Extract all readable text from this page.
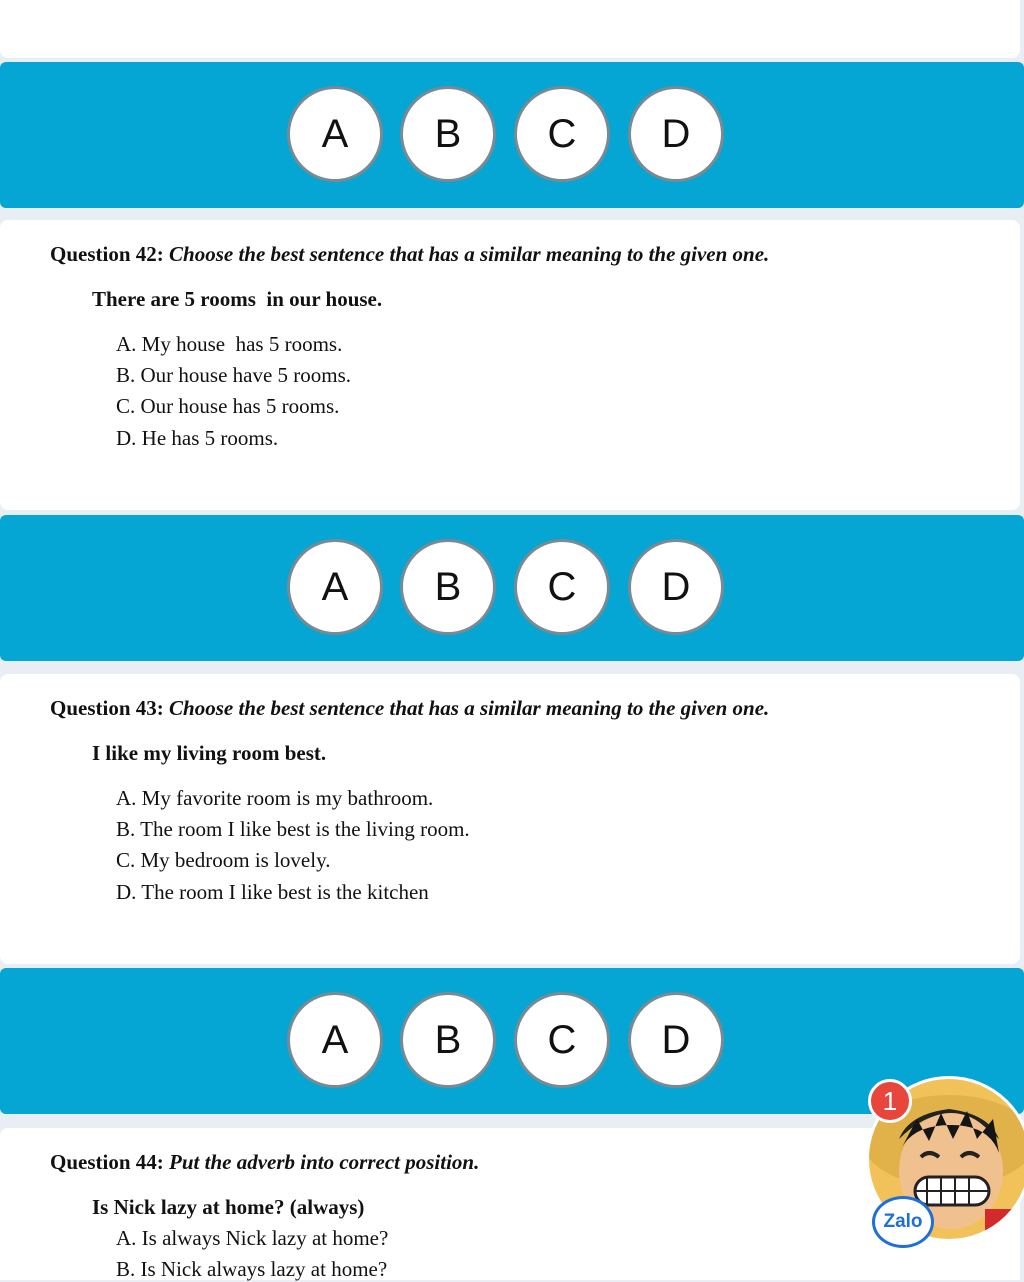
A	B	C	D
Question 42: Choose the best sentence that has a similar meaning to the given one.
There are 5 rooms  in our house.
A. My house  has 5 rooms.
B. Our house have 5 rooms.
C. Our house has 5 rooms.
D. He has 5 rooms.
A	B	C	D
Question 43: Choose the best sentence that has a similar meaning to the given one.
I like my living room best.
A. My favorite room is my bathroom.
B. The room I like best is the living room.
C. My bedroom is lovely.
D. The room I like best is the kitchen
A	B	C	D
Question 44: Put the adverb into correct position.
Is Nick lazy at home? (always)
A. Is always Nick lazy at home?
B. Is Nick always lazy at home?
1
Zalo
